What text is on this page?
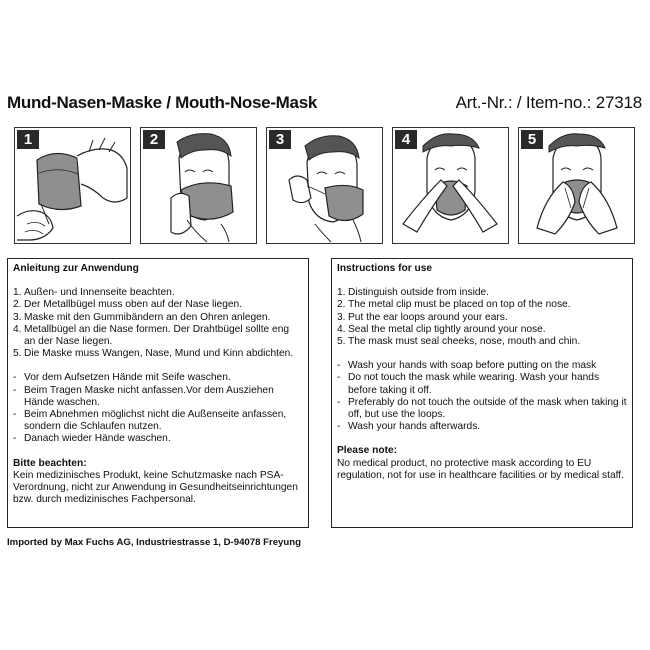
Mund-Nasen-Maske / Mouth-Nose-Mask	Art.-Nr.: / Item-no.: 27318
1	2	3	4	5
Anleitung zur Anwendung
1. Außen- und Innenseite beachten.
2. Der Metallbügel muss oben auf der Nase liegen.
3. Maske mit den Gummibändern an den Ohren anlegen.
4. Metallbügel an die Nase formen. Der Drahtbügel sollte eng an der Nase liegen.
5. Die Maske muss Wangen, Nase, Mund und Kinn abdichten.
- Vor dem Aufsetzen Hände mit Seife waschen.
- Beim Tragen Maske nicht anfassen.Vor dem Ausziehen Hände waschen.
- Beim Abnehmen möglichst nicht die Außenseite anfassen, sondern die Schlaufen nutzen.
- Danach wieder Hände waschen.
Bitte beachten:
Kein medizinisches Produkt, keine Schutzmaske nach PSA-Verordnung, nicht zur Anwendung in Gesundheitseinrichtungen bzw. durch medizinisches Fachpersonal.
Instructions for use
1. Distinguish outside from inside.
2. The metal clip must be placed on top of the nose.
3. Put the ear loops around your ears.
4. Seal the metal clip tightly around your nose.
5. The mask must seal cheeks, nose, mouth and chin.
- Wash your hands with soap before putting on the mask
- Do not touch the mask while wearing. Wash your hands before taking it off.
- Preferably do not touch the outside of the mask when taking it off, but use the loops.
- Wash your hands afterwards.
Please note:
No medical product, no protective mask according to EU regulation, not for use in healthcare facilities or by medical staff.
Imported by Max Fuchs AG, Industriestrasse 1, D-94078 Freyung
